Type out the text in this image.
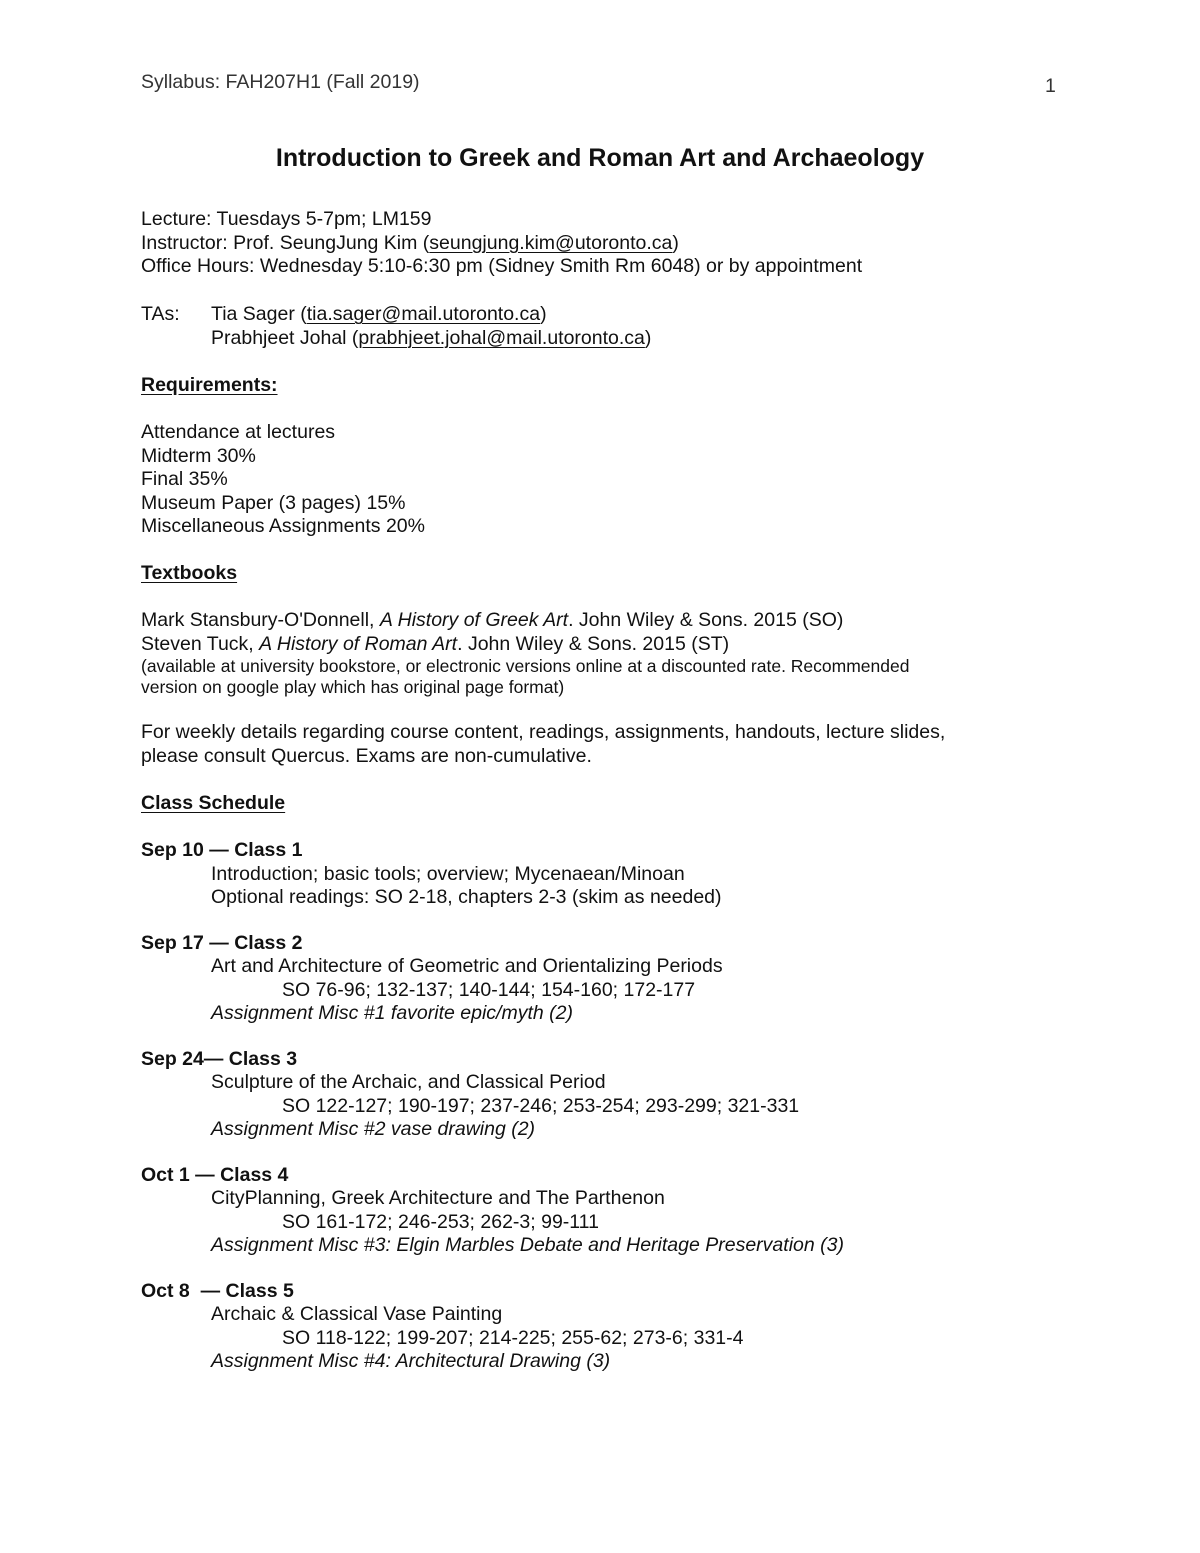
Syllabus: FAH207H1 (Fall 2019)	1
Introduction to Greek and Roman Art and Archaeology
Lecture: Tuesdays 5-7pm; LM159
Instructor: Prof. SeungJung Kim (seungjung.kim@utoronto.ca)
Office Hours: Wednesday 5:10-6:30 pm (Sidney Smith Rm 6048) or by appointment
TAs:	Tia Sager (tia.sager@mail.utoronto.ca)
Prabhjeet Johal (prabhjeet.johal@mail.utoronto.ca)
Requirements:
Attendance at lectures
Midterm 30%
Final 35%
Museum Paper (3 pages) 15%
Miscellaneous Assignments 20%
Textbooks
Mark Stansbury-O'Donnell, A History of Greek Art. John Wiley & Sons. 2015 (SO)
Steven Tuck, A History of Roman Art. John Wiley & Sons. 2015 (ST)
(available at university bookstore, or electronic versions online at a discounted rate. Recommended
version on google play which has original page format)
For weekly details regarding course content, readings, assignments, handouts, lecture slides,
please consult Quercus. Exams are non-cumulative.
Class Schedule
Sep 10 — Class 1
Introduction; basic tools; overview; Mycenaean/Minoan
Optional readings: SO 2-18, chapters 2-3 (skim as needed)
Sep 17 — Class 2
Art and Architecture of Geometric and Orientalizing Periods
SO 76-96; 132-137; 140-144; 154-160; 172-177
Assignment Misc #1 favorite epic/myth (2)
Sep 24— Class 3
Sculpture of the Archaic, and Classical Period
SO 122-127; 190-197; 237-246; 253-254; 293-299; 321-331
Assignment Misc #2 vase drawing (2)
Oct 1 — Class 4
CityPlanning, Greek Architecture and The Parthenon
SO 161-172; 246-253; 262-3; 99-111
Assignment Misc #3: Elgin Marbles Debate and Heritage Preservation (3)
Oct 8  — Class 5
Archaic & Classical Vase Painting
SO 118-122; 199-207; 214-225; 255-62; 273-6; 331-4
Assignment Misc #4: Architectural Drawing (3)
